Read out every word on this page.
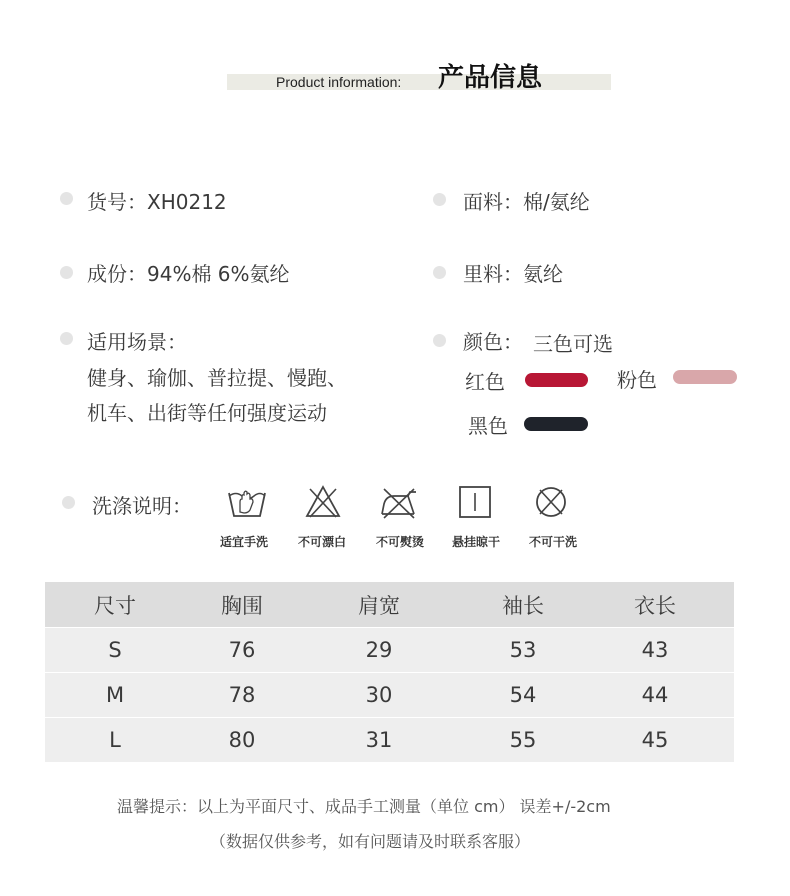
Product information: 产品信息
货号：XH0212	面料：棉/氨纶
成份：94%棉 6%氨纶	里料：氨纶
适用场景：
健身、瑜伽、普拉提、慢跑、
机车、出街等任何强度运动
颜色： 三色可选
红色	粉色
黑色
洗涤说明：
适宜手洗	不可漂白	不可熨烫	悬挂晾干	不可干洗
尺寸	胸围	肩宽	袖长	衣长
S	76	29	53	43
M	78	30	54	44
L	80	31	55	45
温馨提示：以上为平面尺寸、成品手工测量（单位 cm） 误差+/-2cm
（数据仅供参考，如有问题请及时联系客服）
